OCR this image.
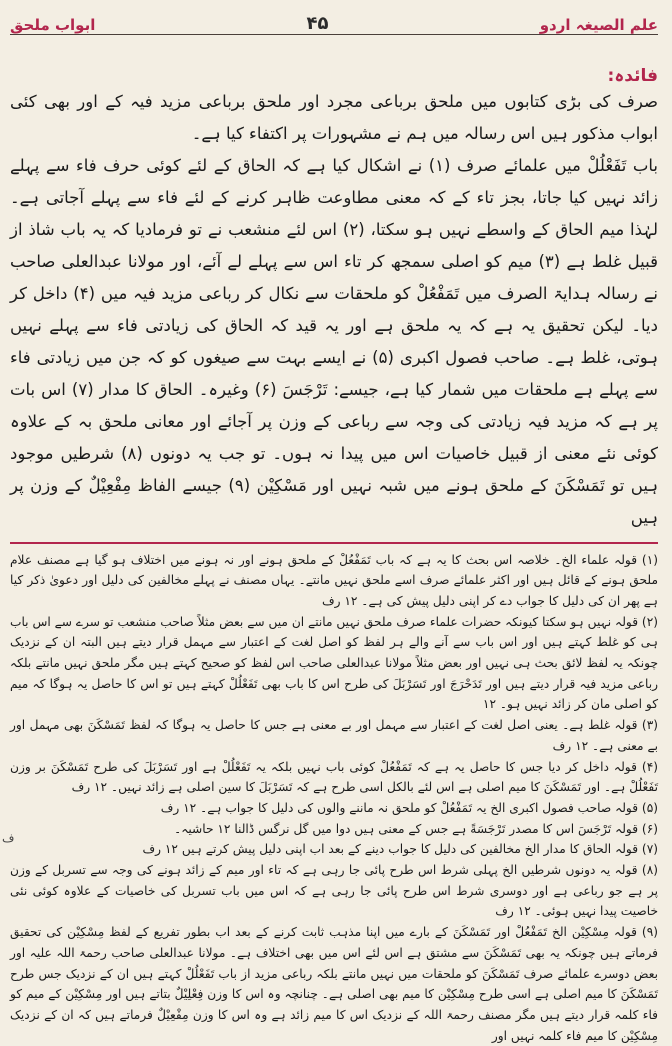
علم الصیغہ اردو
۴۵
ابواب ملحق
فائدہ:

صرف کی بڑی کتابوں میں ملحق برباعی مجرد اور ملحق برباعی مزید فیہ کے اور بھی کئی ابواب مذکور ہیں اس رسالہ میں ہم نے مشہورات پر اکتفاء کیا ہے۔

باب تَفَعْلُلْ میں علمائے صرف (۱) نے اشکال کیا ہے کہ الحاق کے لئے کوئی حرف فاء سے پہلے زائد نہیں کیا جاتا، بجز تاء کے کہ معنی مطاوعت ظاہر کرنے کے لئے فاء سے پہلے آجاتی ہے۔ لہٰذا میم الحاق کے واسطے نہیں ہو سکتا، (۲) اس لئے منشعب نے تو فرمادیا کہ یہ باب شاذ از قبیل غلط ہے (۳) میم کو اصلی سمجھ کر تاء اس سے پہلے لے آئے، اور مولانا عبدالعلی صاحب نے رسالہ ہدایۃ الصرف میں تَمَفْعُلْ کو ملحقات سے نکال کر رباعی مزید فیہ میں (۴) داخل کر دیا۔ لیکن تحقیق یہ ہے کہ یہ ملحق ہے اور یہ قید کہ الحاق کی زیادتی فاء سے پہلے نہیں ہوتی، غلط ہے۔ صاحب فصول اکبری (۵) نے ایسے بہت سے صیغوں کو کہ جن میں زیادتی فاء سے پہلے ہے ملحقات میں شمار کیا ہے، جیسے: تَرْجَسَ (۶) وغیرہ۔ الحاق کا مدار (۷) اس بات پر ہے کہ مزید فیہ زیادتی کی وجہ سے رباعی کے وزن پر آجائے اور معانی ملحق بہ کے علاوہ کوئی نئے معنی از قبیل خاصیات اس میں پیدا نہ ہوں۔ تو جب یہ دونوں (۸) شرطیں موجود ہیں تو تَمَسْكَنَ کے ملحق ہونے میں شبہ نہیں اور مَسْكِيْن (۹) جیسے الفاظ مِفْعِيْلٌ کے وزن پر ہیں

(۱) قولہ علماء الخ۔ خلاصہ اس بحث کا یہ ہے کہ باب تَمَفْعُلْ کے ملحق ہونے اور نہ ہونے میں اختلاف ہو گیا ہے مصنف علام ملحق ہونے کے قائل ہیں اور اکثر علمائے صرف اسے ملحق نہیں مانتے۔ یہاں مصنف نے پہلے مخالفین کی دلیل اور دعویٰ ذکر کیا ہے پھر ان کی دلیل کا جواب دے کر اپنی دلیل پیش کی ہے۔ ۱۲ رف

(۲) قولہ نہیں ہو سکتا کیونکہ حضرات علماء صرف ملحق نہیں مانتے ان میں سے بعض مثلاً صاحب منشعب تو سرے سے اس باب ہی کو غلط کہتے ہیں اور اس باب سے آنے والے ہر لفظ کو اصل لغت کے اعتبار سے مہمل قرار دیتے ہیں البتہ ان کے نزدیک چونکہ یہ لفظ لائق بحث ہی نہیں اور بعض مثلاً مولانا عبدالعلی صاحب اس لفظ کو صحیح کہتے ہیں مگر ملحق نہیں مانتے بلکہ رباعی مزید فیہ قرار دیتے ہیں اور تَدَحْرَجَ اور تَسَرْبَلَ کی طرح اس کا باب بھی تَفَعْلُلْ کہتے ہیں تو اس کا حاصل یہ ہوگا کہ میم کو اصلی مان کر زائد نہیں ہو۔ ۱۲

(۳) قولہ غلط ہے۔ یعنی اصل لغت کے اعتبار سے مہمل اور بے معنی ہے جس کا حاصل یہ ہوگا کہ لفظ تَمَسْكَنَ بھی مہمل اور بے معنی ہے۔ ۱۲ رف

(۴) قولہ داخل کر دیا جس کا حاصل یہ ہے کہ تَمَفْعُلْ کوئی باب نہیں بلکہ یہ تَفَعْلُلْ ہے اور تَسَرْبَلَ کی طرح تَمَسْكَنَ بر وزن تَفَعْلُلْ ہے۔ اور تَمَسْكَنَ کا میم اصلی ہے اس لئے بالکل اسی طرح ہے کہ تَسَرْبَلَ کا سین اصلی ہے زائد نہیں۔ ۱۲ رف

(۵) قولہ صاحب فصول اکبری الخ یہ تَمَفْعُلْ کو ملحق نہ ماننے والوں کی دلیل کا جواب ہے۔ ۱۲ رف

(۶) قولہ تَرْجَسَ اس کا مصدر تَرْجَسَةً ہے جس کے معنی ہیں دوا میں گل نرگس ڈالنا ۱۲ حاشیہ۔

(۷) قولہ الحاق کا مدار الخ مخالفین کی دلیل کا جواب دینے کے بعد اب اپنی دلیل پیش کرتے ہیں ۱۲ رف

(۸) قولہ یہ دونوں شرطیں الخ پہلی شرط اس طرح پائی جا رہی ہے کہ تاء اور میم کے زائد ہونے کی وجہ سے تسربل کے وزن پر ہے جو رباعی ہے اور دوسری شرط اس طرح پائی جا رہی ہے کہ اس میں باب تسربل کی خاصیات کے علاوہ کوئی نئی خاصیت پیدا نہیں ہوئی۔ ۱۲ رف

(۹) قولہ مِسْكِيْن الخ تَمَفْعُلْ اور تَمَسْكَنَ کے بارے میں اپنا مذہب ثابت کرنے کے بعد اب بطور تفریع کے لفظ مِسْكِيْن کی تحقیق فرماتے ہیں چونکہ یہ بھی تَمَسْكَنَ سے مشتق ہے اس لئے اس میں بھی اختلاف ہے۔ مولانا عبدالعلی صاحب رحمۃ اللہ علیہ اور بعض دوسرے علمائے صرف تَمَسْكَنَ کو ملحقات میں نہیں مانتے بلکہ رباعی مزید از باب تَفَعْلُلْ کہتے ہیں ان کے نزدیک جس طرح تَمَسْكَنَ کا میم اصلی ہے اسی طرح مِسْكِيْن کا میم بھی اصلی ہے۔ چنانچہ وہ اس کا وزن فِعْلِيْلٌ بتاتے ہیں اور مِسْكِيْن کے میم کو فاء کلمہ قرار دیتے ہیں مگر مصنف رحمۃ اللہ کے نزدیک اس کا میم زائد ہے وہ اس کا وزن مِفْعِيْلٌ فرماتے ہیں کہ ان کے نزدیک مِسْكِيْن کا میم فاء کلمہ نہیں اور

ف
